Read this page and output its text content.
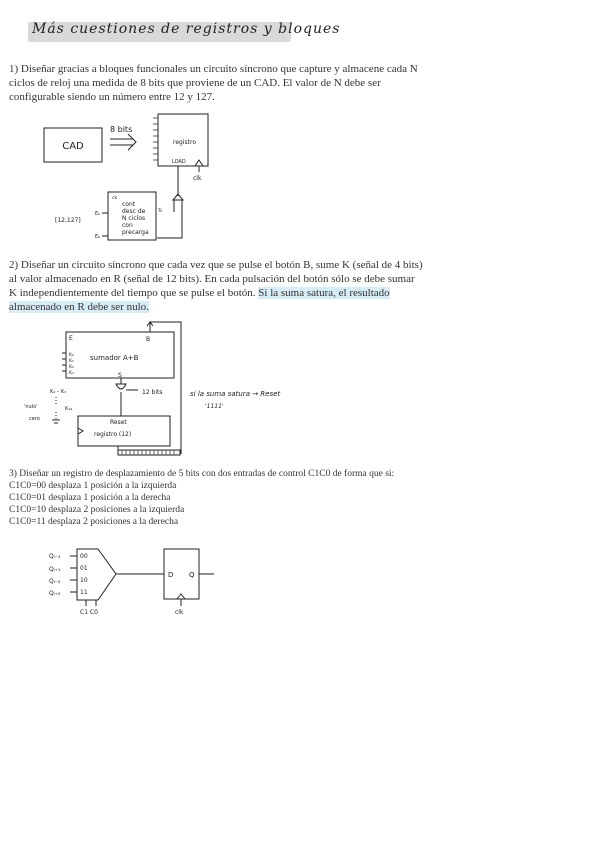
Más cuestiones de registros y bloques
1) Diseñar gracias a bloques funcionales un circuito síncrono que capture y almacene cada N ciclos de reloj una medida de 8 bits que proviene de un CAD. El valor de N debe ser configurable siendo un número entre 12 y 127.
2) Diseñar un circuito síncrono que cada vez que se pulse el botón B, sume K (señal de 4 bits) al valor almacenado en R (señal de 12 bits). En cada pulsación del botón sólo se debe sumar K independientemente del tiempo que se pulse el botón. Si la suma satura, el resultado almacenado en R debe ser nulo.
3) Diseñar un registro de desplazamiento de 5 bits con dos entradas de control C1C0 de forma que si:
C1C0=00 desplaza 1 posición a la izquierda
C1C0=01 desplaza 1 posición a la derecha
C1C0=10 desplaza 2 posiciones a la izquierda
C1C0=11 desplaza 2 posiciones a la derecha
CAD
8 bits
registro
LOAD
clk
ck
cont
desc de
N ciclos
con
precarga
Tc
[12,127]
E₀
E₆
E	B
sumador A+B
K₀
K₁
K₂
K₃	S
12 bits
K₀ – K₃
K₁₂
'nulo'
cero	Reset
registro (12)
si la suma satura → Reset
'1111'
Qᵢ₋₁
Qᵢ₊₁
Qᵢ₋₂
Qᵢ₊₂
00
01
10
11
C1 C0
D Q
clk
